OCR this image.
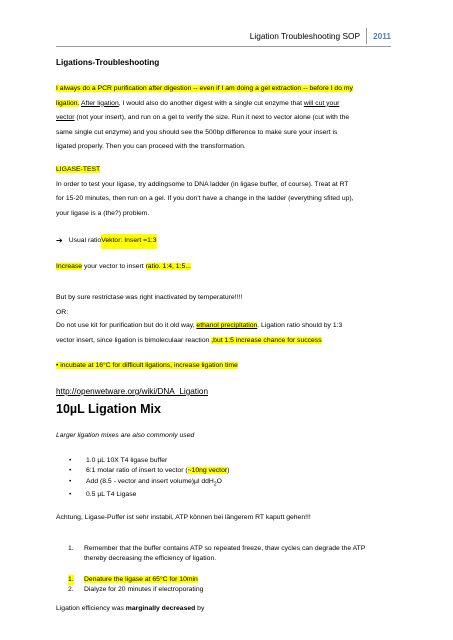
Ligation Troubleshooting SOP	2011
Ligations-Troubleshooting
I always do a PCR purification after digestion -- even if I am doing a gel extraction -- before I do my
ligation. After ligation, I would also do another digest with a single cut enzyme that will cut your
vector (not your insert), and run on a gel to verify the size. Run it next to vector alone (cut with the
same single cut enzyme) and you should see the 500bp difference to make sure your insert is
ligated properly. Then you can proceed with the transformation.
LIGASE-TEST
In order to test your ligase, try addingsome to DNA ladder (in ligase buffer, of course). Treat at RT
for 15-20 minutes, then run on a gel. If you don't have a change in the ladder (everything sfited up),
your ligase is a (the?) problem.
➔ Usual ratio Vektor: Insert =1:3
Increase your vector to insert ratio. 1:4, 1:5...
But by sure restrictase was right inactivated by temperature!!!!
OR:
Do not use kit for purification but do it old way, ethanol precipitation. Ligation ratio should by 1:3
vector insert, since ligation is bimoleculaar reaction ,but 1:5 increase chance for success
• incubate at 16°C for difficult ligations, increase ligation time
http://openwetware.org/wiki/DNA_Ligation
10µL Ligation Mix
Larger ligation mixes are also commonly used
• 1.0 µL 10X T4 ligase buffer
• 6:1 molar ratio of insert to vector (~10ng vector)
• Add (8.5 - vector and insert volume)µl ddH$_2$O
• 0.5 µL T4 Ligase
Achtung, Ligase-Puffer ist sehr instabil, ATP können bei längerem RT kaputt gehen!!!
1. Remember that the buffer contains ATP so repeated freeze, thaw cycles can degrade the ATP
thereby decreasing the efficiency of ligation.
1. Denature the ligase at 65°C for 10min
2. Dialyze for 20 minutes if electroporating
Ligation efficiency was marginally decreased by
